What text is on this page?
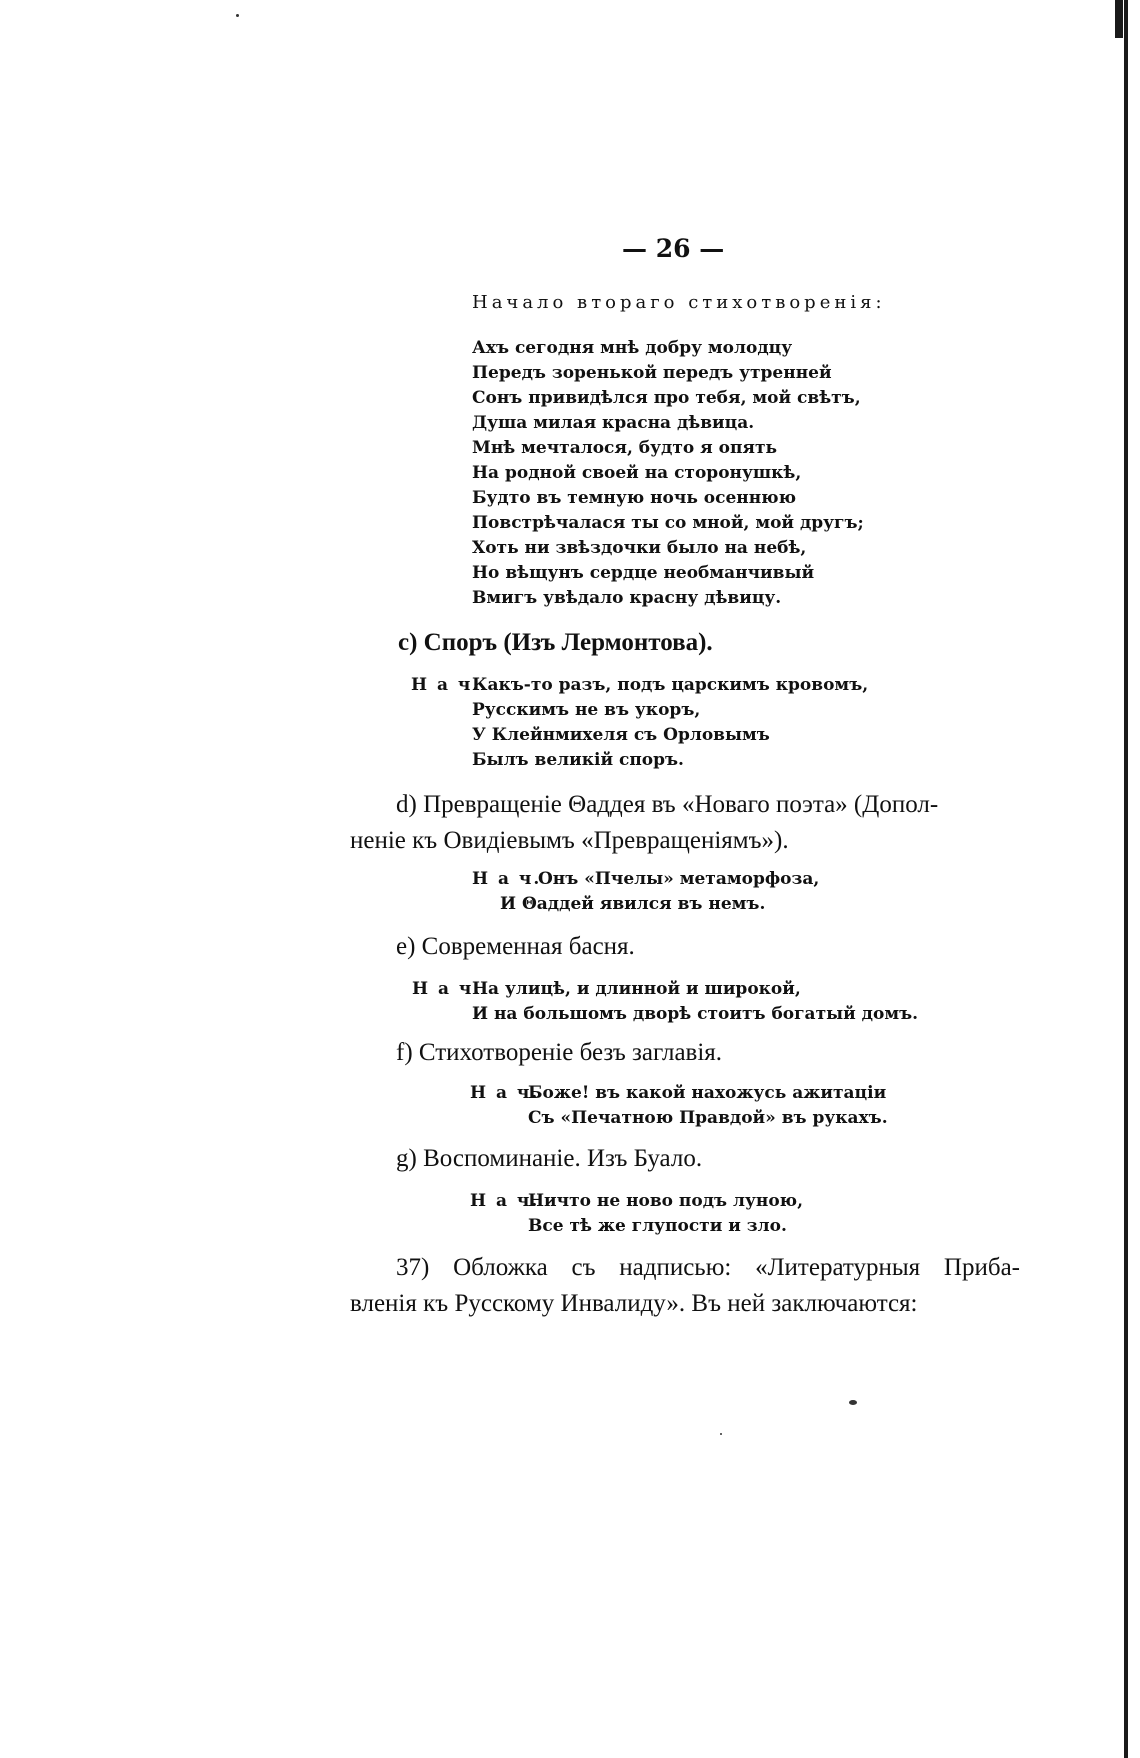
— 26 —
Начало втораго стихотворенія:
Ахъ сегодня мнѣ добру молодцу
Передъ зоренькой передъ утренней
Сонъ привидѣлся про тебя, мой свѣтъ,
Душа милая красна дѣвица.
Мнѣ мечталося, будто я опять
На родной своей на сторонушкѣ,
Будто въ темную ночь осеннюю
Повстрѣчалася ты со мной, мой другъ;
Хоть ни звѣздочки было на небѣ,
Но вѣщунъ сердце необманчивый
Вмигъ увѣдало красну дѣвицу.
c) Споръ (Изъ Лермонтова).
Н а ч.
Какъ-то разъ, подъ царскимъ кровомъ,
Русскимъ не въ укоръ,
У Клейнмихеля съ Орловымъ
Былъ великій споръ.
d) Превращеніе Θаддея въ «Новаго поэта» (Допол-
неніе къ Овидіевымъ «Превращеніямъ»).
Н а ч.
Онъ «Пчелы» метаморфоза,
И Θаддей явился въ немъ.
e) Современная басня.
Н а ч.
На улицѣ, и длинной и широкой,
И на большомъ дворѣ стоитъ богатый домъ.
f) Стихотвореніе безъ заглавія.
Н а ч.
Боже! въ какой нахожусь ажитаціи
Съ «Печатною Правдой» въ рукахъ.
g) Воспоминаніе. Изъ Буало.
Н а ч.
Ничто не ново подъ луною,
Все тѣ же глупости и зло.
37) Обложка съ надписью: «Литературныя Приба-
вленія къ Русскому Инвалиду». Въ ней заключаются:
